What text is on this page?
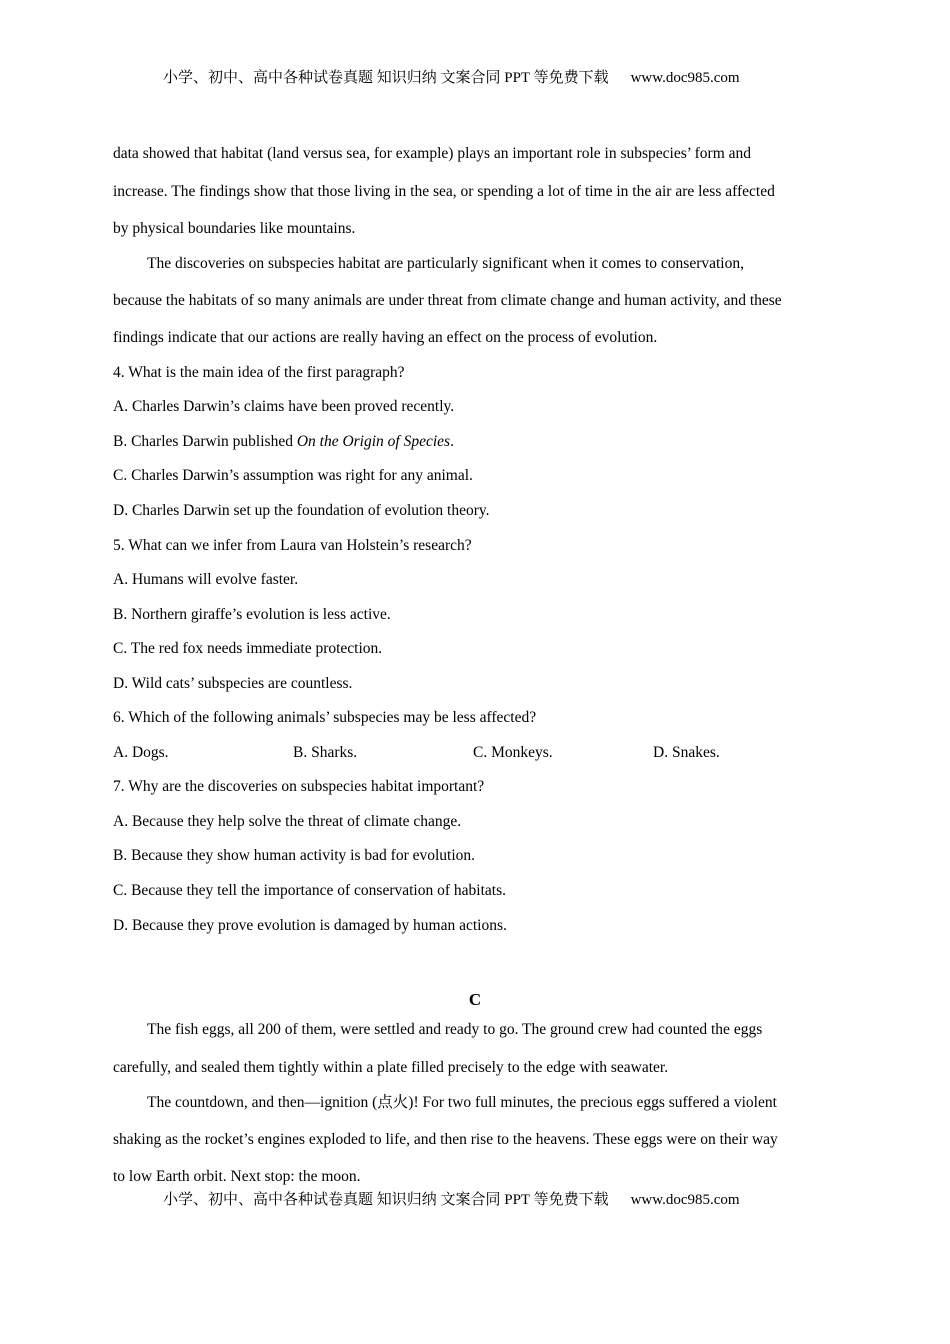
小学、初中、高中各种试卷真题 知识归纳 文案合同 PPT 等免费下载 www.doc985.com
data showed that habitat (land versus sea, for example) plays an important role in subspecies’ form and
increase. The findings show that those living in the sea, or spending a lot of time in the air are less affected
by physical boundaries like mountains.
The discoveries on subspecies habitat are particularly significant when it comes to conservation,
because the habitats of so many animals are under threat from climate change and human activity, and these
findings indicate that our actions are really having an effect on the process of evolution.
4. What is the main idea of the first paragraph?
A. Charles Darwin’s claims have been proved recently.
B. Charles Darwin published On the Origin of Species.
C. Charles Darwin’s assumption was right for any animal.
D. Charles Darwin set up the foundation of evolution theory.
5. What can we infer from Laura van Holstein’s research?
A. Humans will evolve faster.
B. Northern giraffe’s evolution is less active.
C. The red fox needs immediate protection.
D. Wild cats’ subspecies are countless.
6. Which of the following animals’ subspecies may be less affected?
A. Dogs.	B. Sharks.	C. Monkeys.	D. Snakes.
7. Why are the discoveries on subspecies habitat important?
A. Because they help solve the threat of climate change.
B. Because they show human activity is bad for evolution.
C. Because they tell the importance of conservation of habitats.
D. Because they prove evolution is damaged by human actions.
C
The fish eggs, all 200 of them, were settled and ready to go. The ground crew had counted the eggs
carefully, and sealed them tightly within a plate filled precisely to the edge with seawater.
The countdown, and then—ignition (点火)! For two full minutes, the precious eggs suffered a violent
shaking as the rocket’s engines exploded to life, and then rise to the heavens. These eggs were on their way
to low Earth orbit. Next stop: the moon.
小学、初中、高中各种试卷真题 知识归纳 文案合同 PPT 等免费下载 www.doc985.com
